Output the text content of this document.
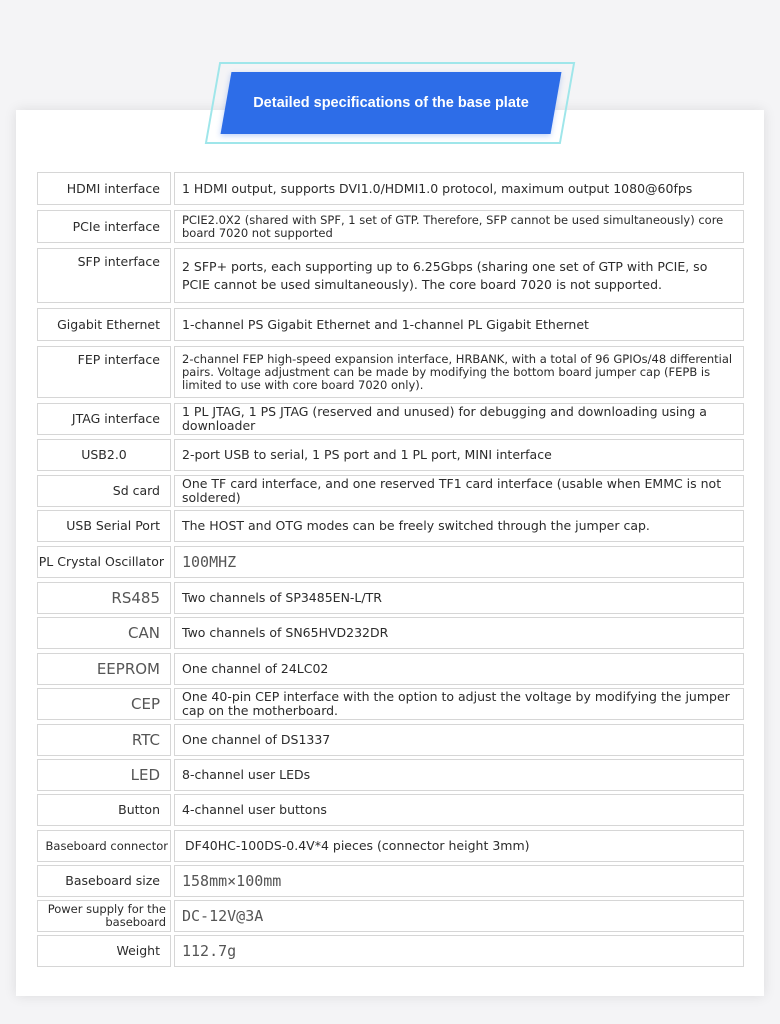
Detailed specifications of the base plate
HDMI interface	1 HDMI output, supports DVI1.0/HDMI1.0 protocol, maximum output 1080@60fps
PCIe interface	PCIE2.0X2 (shared with SPF, 1 set of GTP. Therefore, SFP cannot be used simultaneously) core board 7020 not supported
SFP interface	2 SFP+ ports, each supporting up to 6.25Gbps (sharing one set of GTP with PCIE, so PCIE cannot be used simultaneously). The core board 7020 is not supported.
Gigabit Ethernet	1-channel PS Gigabit Ethernet and 1-channel PL Gigabit Ethernet
FEP interface	2-channel FEP high-speed expansion interface, HRBANK, with a total of 96 GPIOs/48 differential pairs. Voltage adjustment can be made by modifying the bottom board jumper cap (FEPB is limited to use with core board 7020 only).
JTAG interface	1 PL JTAG, 1 PS JTAG (reserved and unused) for debugging and downloading using a downloader
USB2.0	2-port USB to serial, 1 PS port and 1 PL port, MINI interface
Sd card	One TF card interface, and one reserved TF1 card interface (usable when EMMC is not soldered)
USB Serial Port	The HOST and OTG modes can be freely switched through the jumper cap.
PL Crystal Oscillator	100MHZ
RS485	Two channels of SP3485EN-L/TR
CAN	Two channels of SN65HVD232DR
EEPROM	One channel of 24LC02
CEP	One 40-pin CEP interface with the option to adjust the voltage by modifying the jumper cap on the motherboard.
RTC	One channel of DS1337
LED	8-channel user LEDs
Button	4-channel user buttons
Baseboard connector	DF40HC-100DS-0.4V*4 pieces (connector height 3mm)
Baseboard size	158mm×100mm
Power supply for the baseboard	DC-12V@3A
Weight	112.7g
